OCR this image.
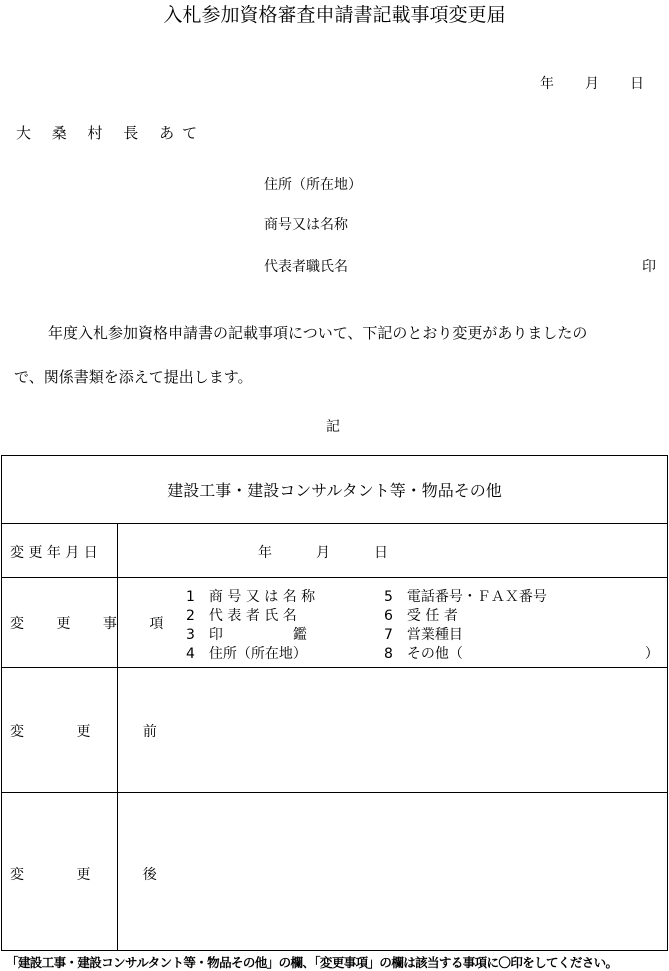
入札参加資格審査申請書記載事項変更届
年 月 日
大 桑 村 長 あて
住所（所在地）
商号又は名称
代表者職氏名	印
年度入札参加資格申請書の記載事項について、下記のとおり変更がありましたの
で、関係書類を添えて提出します。
記
建設工事・建設コンサルタント等・物品その他
変 更 年 月 日	年	月	日
変 更 事 項
1　 商 号 又 は 名 称
2　 代 表 者 氏 名
3　 印　　　　　鑑
4　 住所（所在地）
5　 電話番号・ＦＡＸ番号
6　 受 任 者
7　 営業種目
8　 その他（　　　　　　　　　　　　　）
変 更 前
変 更 後
「建設工事・建設コンサルタント等・物品その他」の欄、「変更事項」の欄は該当する事項に〇印をしてください。
